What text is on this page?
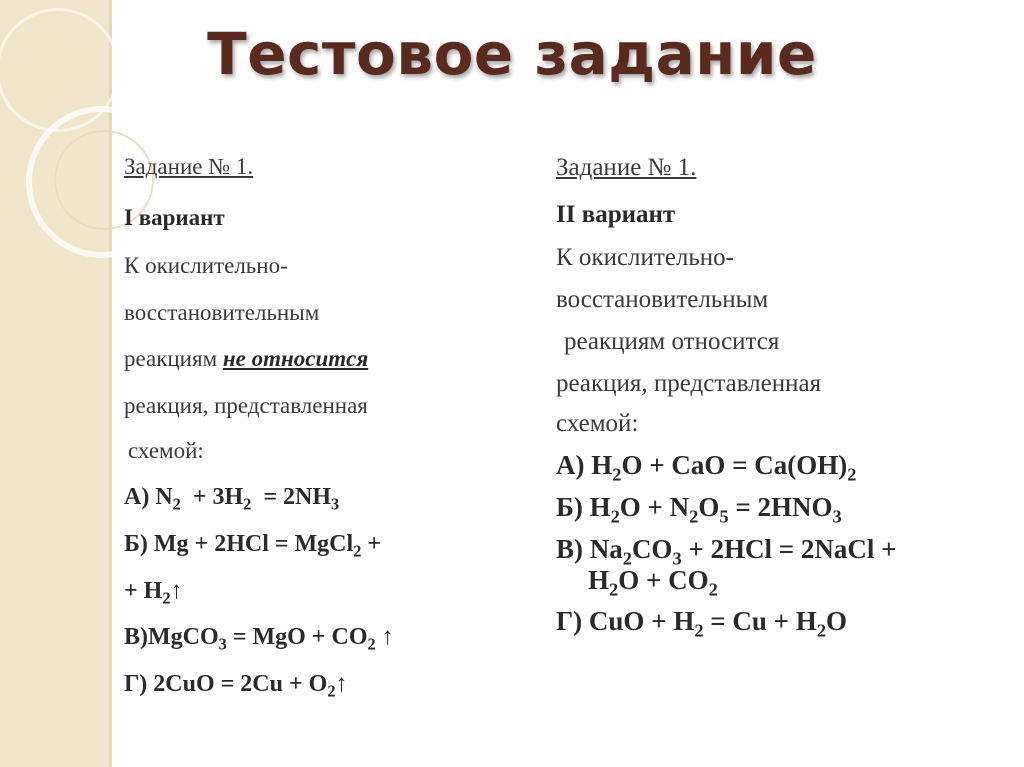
Тестовое задание
Задание № 1.
I вариант
К окислительно-
восстановительным
реакциям не относится
реакция, представленная
схемой:
А) $N_2 + 3H_2 = 2NH_3$
Б) Mg + 2HCl = MgCl$_2$ +
+ $H_2↑$
В)MgCO$_3$ = MgO + $CO_2$ ↑
Г) $2CuO = 2Cu + O_2↑$
Задание № 1.
II вариант
К окислительно-
восстановительным
реакциям относится
реакция, представленная
схемой:
А) $H_2O$ + CaO = $Ca(OH)_2$
Б) $H_2O + N_2O_5 = 2HNO_3$
В) $Na_2CO_3 + 2HCl$ = 2NaCl +
$H_2O + CO_2$
Г) CuO + $H_2 = Cu + H_2O$
